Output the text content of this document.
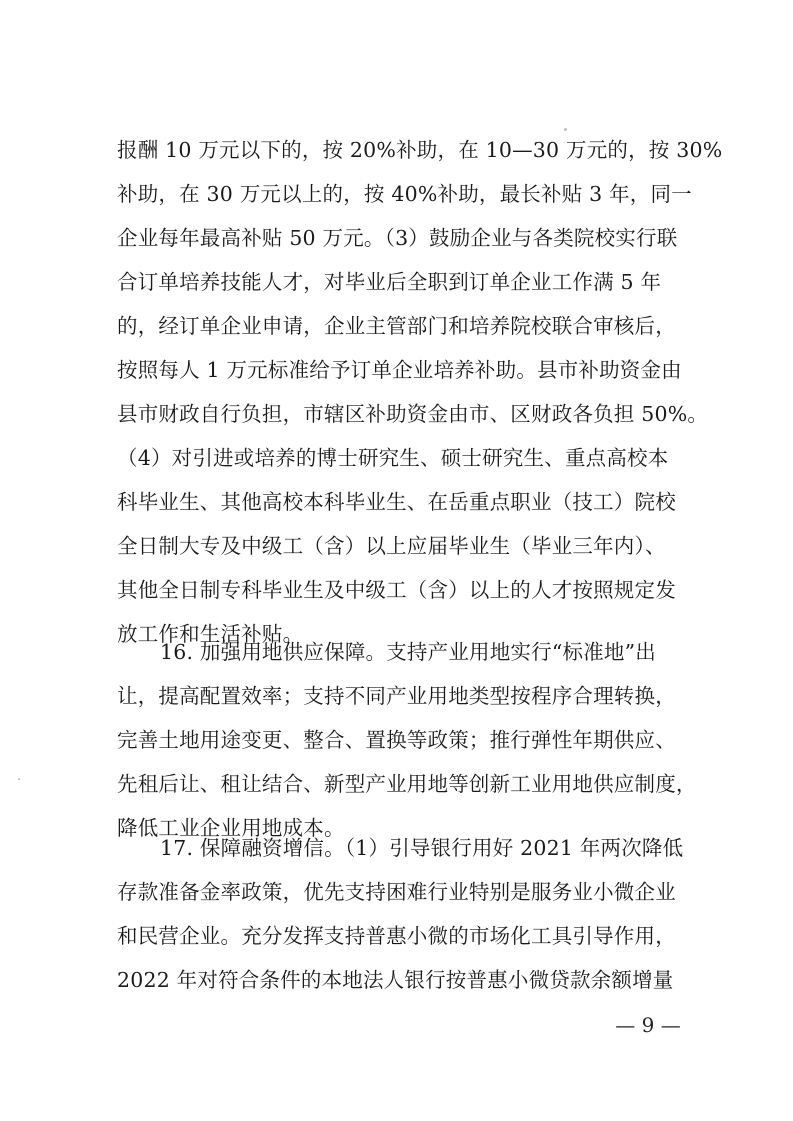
报酬 10 万元以下的，按 20%补助，在 10—30 万元的，按 30%
补助，在 30 万元以上的，按 40%补助，最长补贴 3 年，同一
企业每年最高补贴 50 万元。（3）鼓励企业与各类院校实行联
合订单培养技能人才，对毕业后全职到订单企业工作满 5 年
的，经订单企业申请，企业主管部门和培养院校联合审核后，
按照每人 1 万元标准给予订单企业培养补助。县市补助资金由
县市财政自行负担，市辖区补助资金由市、区财政各负担 50%。
（4）对引进或培养的博士研究生、硕士研究生、重点高校本
科毕业生、其他高校本科毕业生、在岳重点职业（技工）院校
全日制大专及中级工（含）以上应届毕业生（毕业三年内）、
其他全日制专科毕业生及中级工（含）以上的人才按照规定发
放工作和生活补贴。
16. 加强用地供应保障。支持产业用地实行“标准地”出
让，提高配置效率；支持不同产业用地类型按程序合理转换，
完善土地用途变更、整合、置换等政策；推行弹性年期供应、
先租后让、租让结合、新型产业用地等创新工业用地供应制度，
降低工业企业用地成本。
17. 保障融资增信。（1）引导银行用好 2021 年两次降低
存款准备金率政策，优先支持困难行业特别是服务业小微企业
和民营企业。充分发挥支持普惠小微的市场化工具引导作用，
2022 年对符合条件的本地法人银行按普惠小微贷款余额增量
— 9 —
